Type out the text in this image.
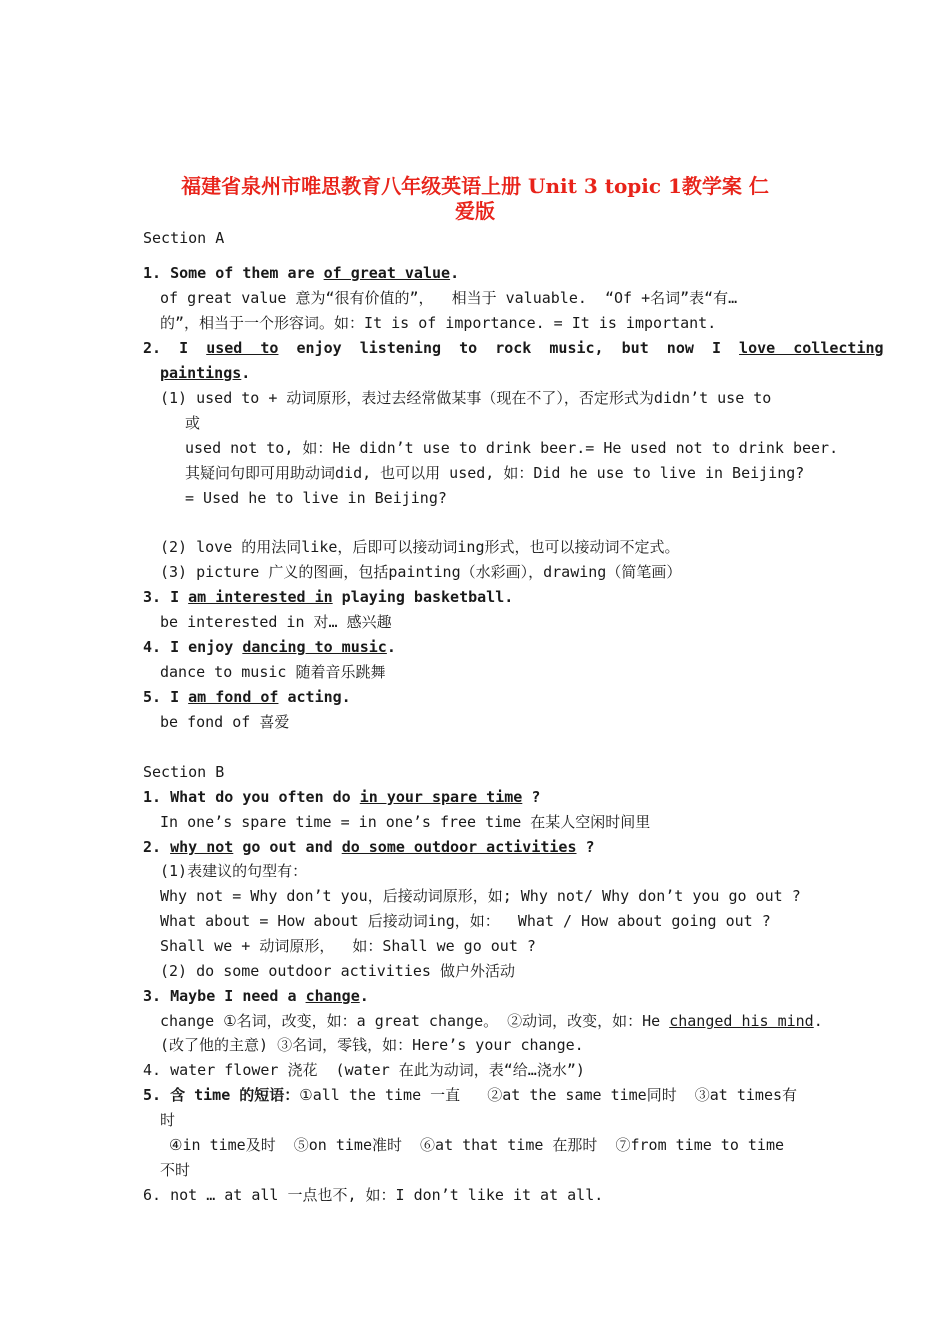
福建省泉州市唯思教育八年级英语上册 Unit 3 topic 1教学案 仁
爱版
Section A
1. Some of them are of great value.
of great value 意为“很有价值的”，  相当于 valuable.  “Of +名词”表“有…
的”，相当于一个形容词。如：It is of importance. = It is important.
2.  I  used  to  enjoy  listening  to  rock  music,  but  now  I  love  collecting
paintings.
(1) used to + 动词原形，表过去经常做某事（现在不了），否定形式为didn’t use to
或
used not to, 如：He didn’t use to drink beer.= He used not to drink beer.
其疑问句即可用助动词did, 也可以用 used, 如：Did he use to live in Beijing?
= Used he to live in Beijing?
(2) love 的用法同like，后即可以接动词ing形式，也可以接动词不定式。
(3) picture 广义的图画，包括painting（水彩画），drawing（简笔画）
3. I am interested in playing basketball.
be interested in 对… 感兴趣
4. I enjoy dancing to music.
dance to music 随着音乐跳舞
5. I am fond of acting.
be fond of 喜爱
Section B
1. What do you often do in your spare time ?
In one’s spare time = in one’s free time 在某人空闲时间里
2. why not go out and do some outdoor activities ?
(1)表建议的句型有：
Why not = Why don’t you，后接动词原形，如; Why not/ Why don’t you go out ?
What about = How about 后接动词ing，如：  What / How about going out ?
Shall we + 动词原形，  如：Shall we go out ?
(2) do some outdoor activities 做户外活动
3. Maybe I need a change.
change ①名词，改变，如：a great change。 ②动词，改变，如：He changed his mind.
(改了他的主意) ③名词，零钱，如：Here’s your change.
4. water flower 浇花  (water 在此为动词，表“给…浇水”)
5. 含 time 的短语：①all the time 一直   ②at the same time同时  ③at times有
时
④in time及时  ⑤on time准时  ⑥at that time 在那时  ⑦from time to time
不时
6. not … at all 一点也不, 如：I don’t like it at all.
